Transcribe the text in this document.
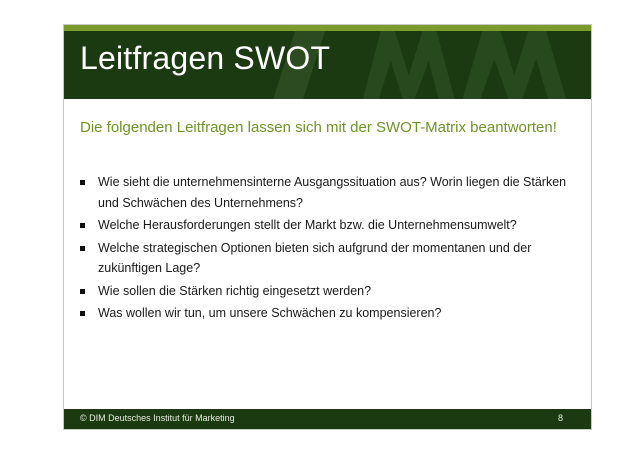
Leitfragen SWOT

Die folgenden Leitfragen lassen sich mit der SWOT-Matrix beantworten!

Wie sieht die unternehmensinterne Ausgangssituation aus? Worin liegen die Stärken und Schwächen des Unternehmens?
Welche Herausforderungen stellt der Markt bzw. die Unternehmensumwelt?
Welche strategischen Optionen bieten sich aufgrund der momentanen und der zukünftigen Lage?
Wie sollen die Stärken richtig eingesetzt werden?
Was wollen wir tun, um unsere Schwächen zu kompensieren?
© DIM Deutsches Institut für Marketing	8
